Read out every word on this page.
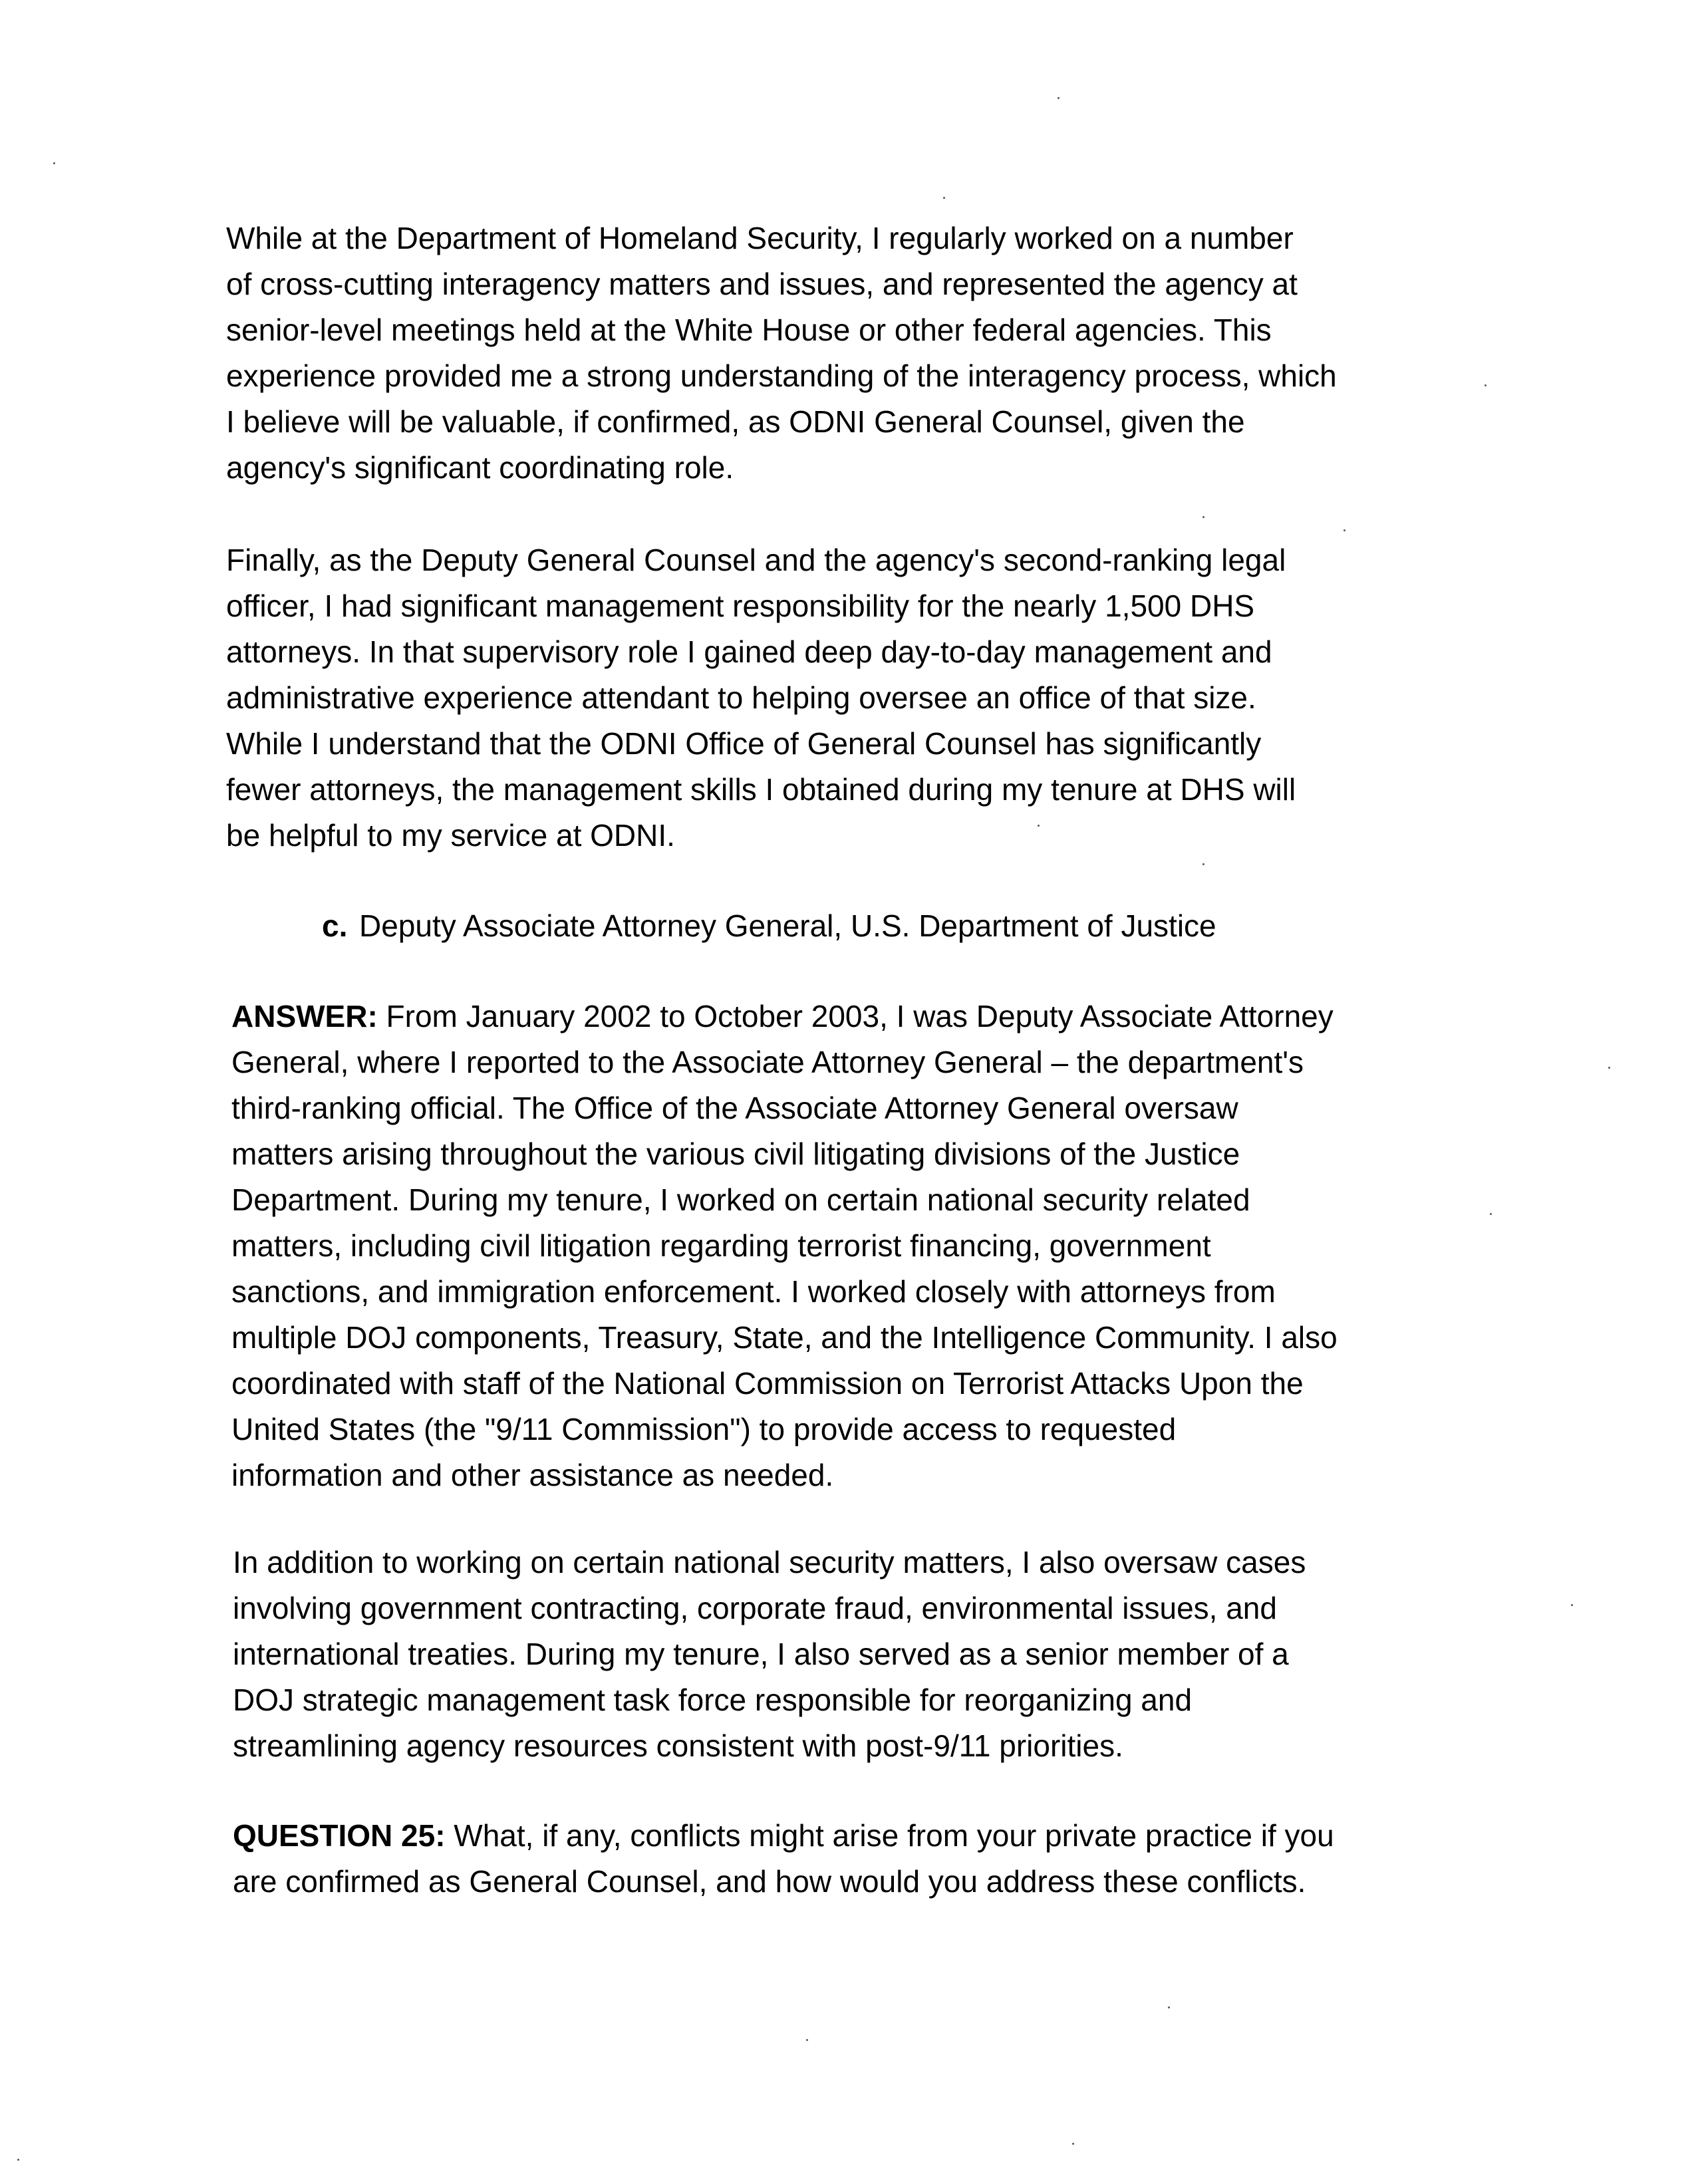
While at the Department of Homeland Security, I regularly worked on a number
of cross-cutting interagency matters and issues, and represented the agency at
senior-level meetings held at the White House or other federal agencies. This
experience provided me a strong understanding of the interagency process, which
I believe will be valuable, if confirmed, as ODNI General Counsel, given the
agency's significant coordinating role.

Finally, as the Deputy General Counsel and the agency's second-ranking legal
officer, I had significant management responsibility for the nearly 1,500 DHS
attorneys. In that supervisory role I gained deep day-to-day management and
administrative experience attendant to helping oversee an office of that size.
While I understand that the ODNI Office of General Counsel has significantly
fewer attorneys, the management skills I obtained during my tenure at DHS will
be helpful to my service at ODNI.

c. Deputy Associate Attorney General, U.S. Department of Justice

ANSWER: From January 2002 to October 2003, I was Deputy Associate Attorney
General, where I reported to the Associate Attorney General – the department's
third-ranking official. The Office of the Associate Attorney General oversaw
matters arising throughout the various civil litigating divisions of the Justice
Department. During my tenure, I worked on certain national security related
matters, including civil litigation regarding terrorist financing, government
sanctions, and immigration enforcement. I worked closely with attorneys from
multiple DOJ components, Treasury, State, and the Intelligence Community. I also
coordinated with staff of the National Commission on Terrorist Attacks Upon the
United States (the "9/11 Commission") to provide access to requested
information and other assistance as needed.

In addition to working on certain national security matters, I also oversaw cases
involving government contracting, corporate fraud, environmental issues, and
international treaties. During my tenure, I also served as a senior member of a
DOJ strategic management task force responsible for reorganizing and
streamlining agency resources consistent with post-9/11 priorities.

QUESTION 25: What, if any, conflicts might arise from your private practice if you
are confirmed as General Counsel, and how would you address these conflicts.
